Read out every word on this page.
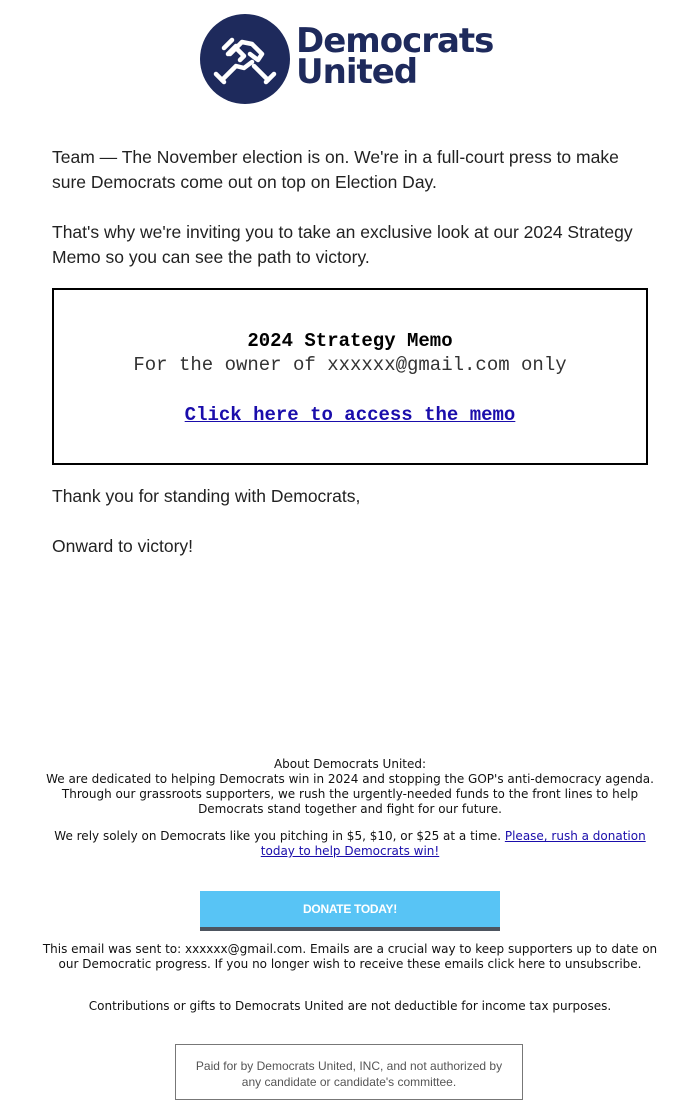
Democrats
United

Team — The November election is on. We're in a full-court press to make sure Democrats come out on top on Election Day.

That's why we're inviting you to take an exclusive look at our 2024 Strategy Memo so you can see the path to victory.

2024 Strategy Memo
For the owner of xxxxxx@gmail.com only
Click here to access the memo

Thank you for standing with Democrats,

Onward to victory!

About Democrats United:
We are dedicated to helping Democrats win in 2024 and stopping the GOP's anti-democracy agenda. Through our grassroots supporters, we rush the urgently-needed funds to the front lines to help Democrats stand together and fight for our future.
We rely solely on Democrats like you pitching in $5, $10, or $25 at a time. Please, rush a donation today to help Democrats win!
DONATE TODAY!
This email was sent to: xxxxxx@gmail.com. Emails are a crucial way to keep supporters up to date on our Democratic progress. If you no longer wish to receive these emails click here to unsubscribe.
Contributions or gifts to Democrats United are not deductible for income tax purposes.
Paid for by Democrats United, INC, and not authorized by any candidate or candidate's committee.
